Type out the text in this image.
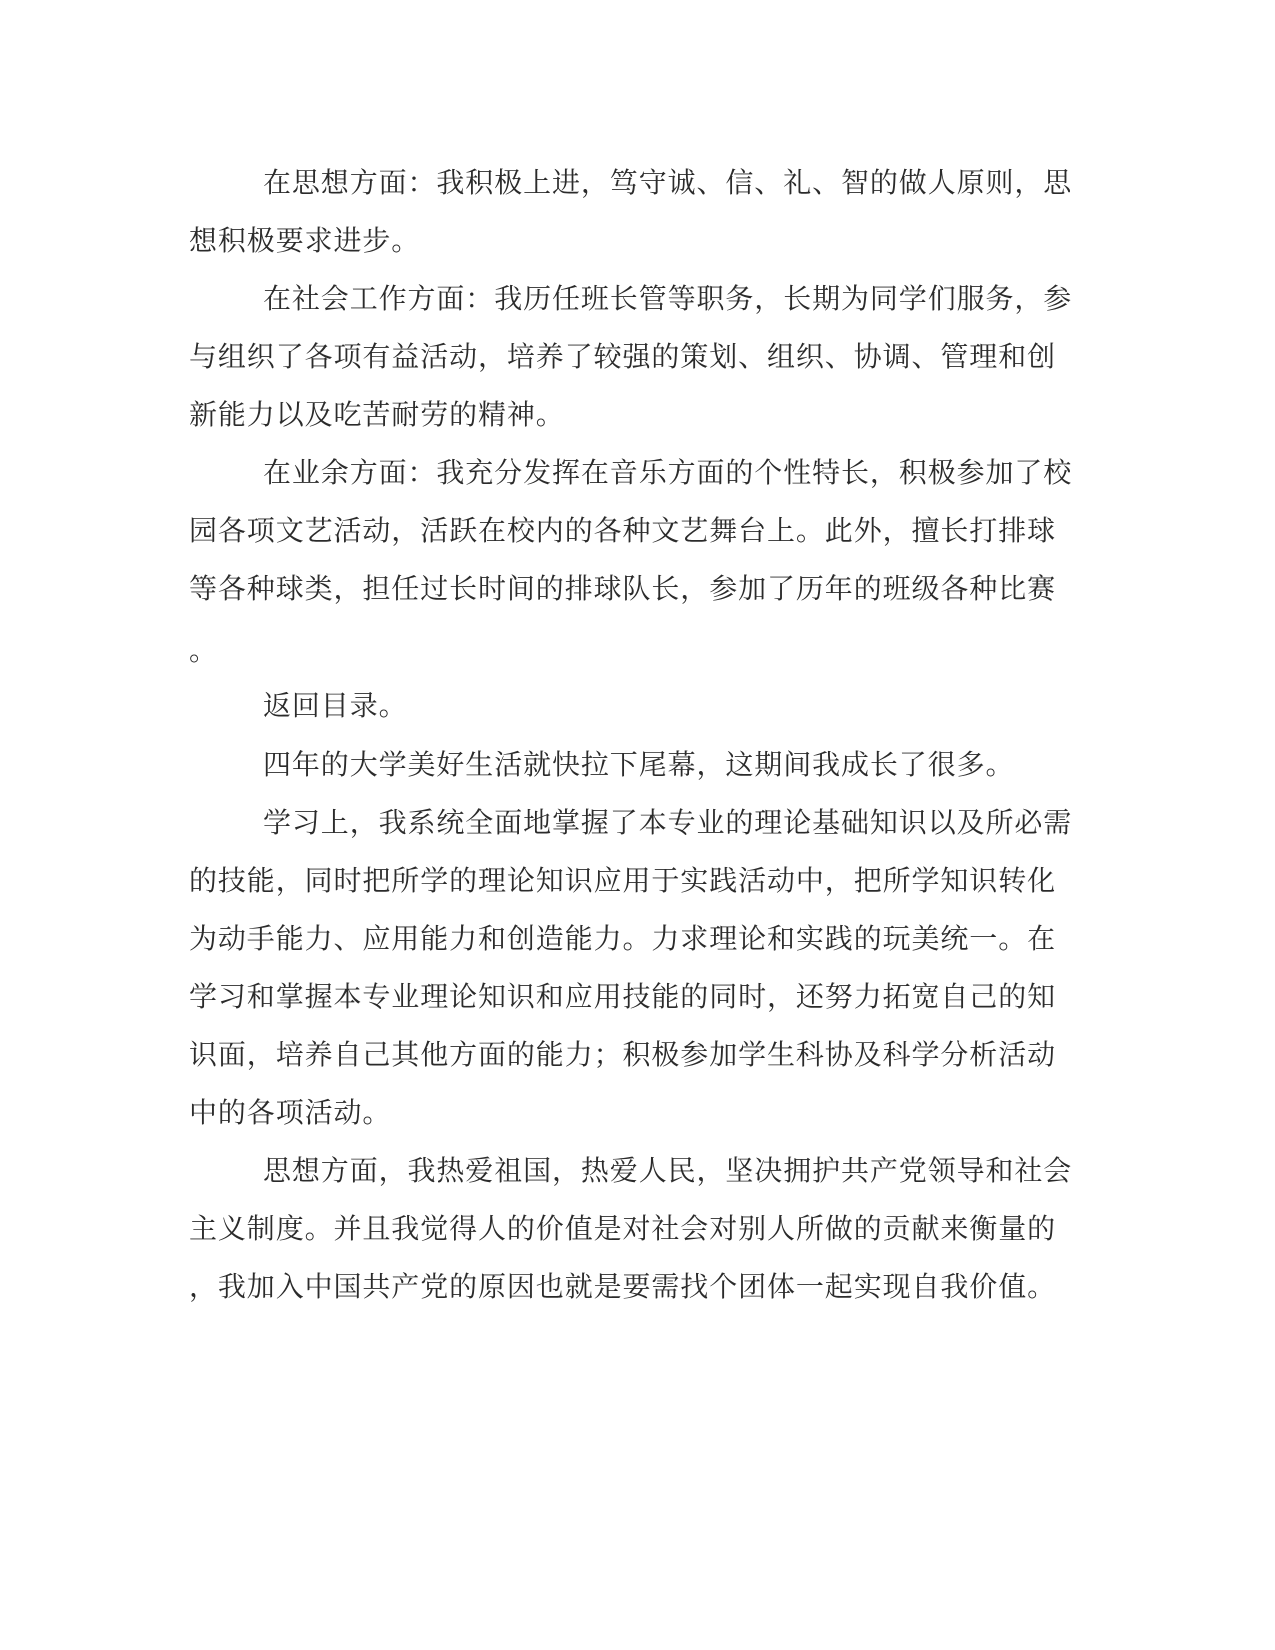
在思想方面：我积极上进，笃守诚、信、礼、智的做人原则，思
想积极要求进步。
在社会工作方面：我历任班长管等职务，长期为同学们服务，参
与组织了各项有益活动，培养了较强的策划、组织、协调、管理和创
新能力以及吃苦耐劳的精神。
在业余方面：我充分发挥在音乐方面的个性特长，积极参加了校
园各项文艺活动，活跃在校内的各种文艺舞台上。此外，擅长打排球
等各种球类，担任过长时间的排球队长，参加了历年的班级各种比赛
。
返回目录。
四年的大学美好生活就快拉下尾幕，这期间我成长了很多。
学习上，我系统全面地掌握了本专业的理论基础知识以及所必需
的技能，同时把所学的理论知识应用于实践活动中，把所学知识转化
为动手能力、应用能力和创造能力。力求理论和实践的玩美统一。在
学习和掌握本专业理论知识和应用技能的同时，还努力拓宽自己的知
识面，培养自己其他方面的能力；积极参加学生科协及科学分析活动
中的各项活动。
思想方面，我热爱祖国，热爱人民，坚决拥护共产党领导和社会
主义制度。并且我觉得人的价值是对社会对别人所做的贡献来衡量的
，我加入中国共产党的原因也就是要需找个团体一起实现自我价值。
